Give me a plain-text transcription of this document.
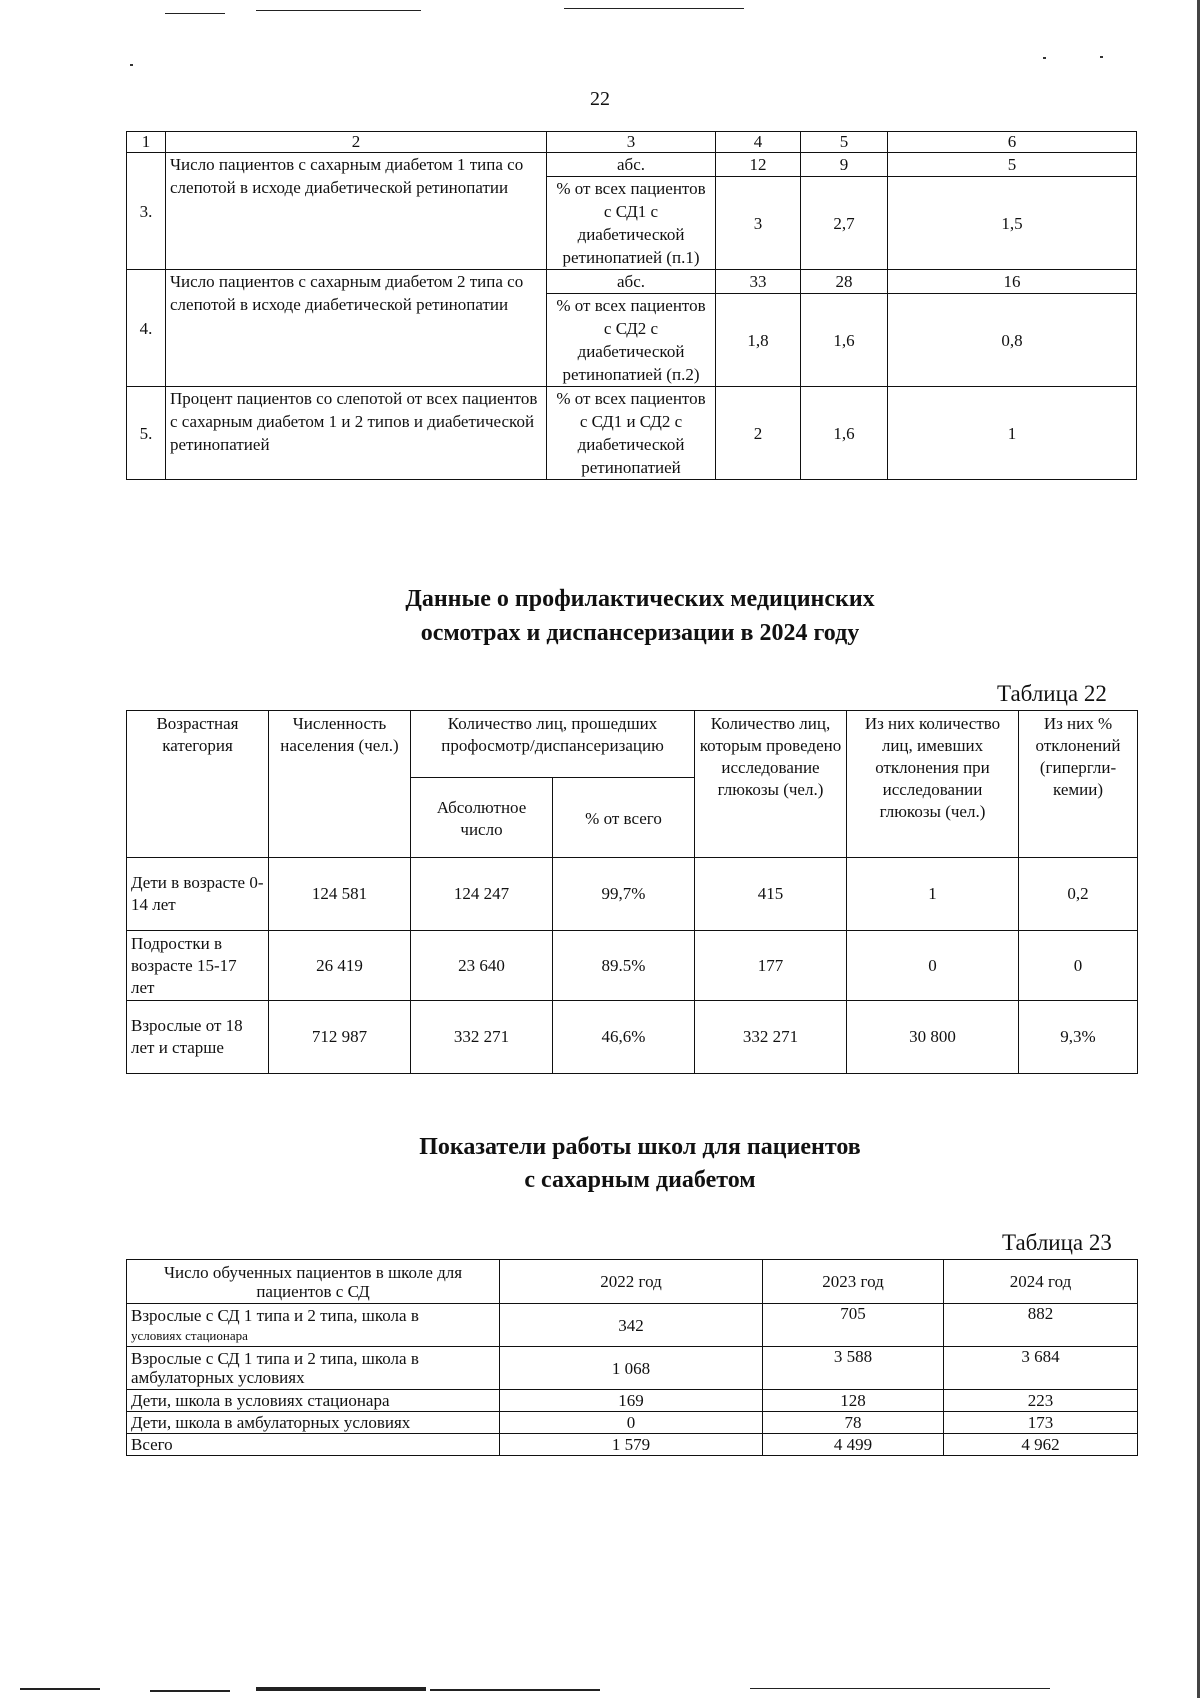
22
1	2	3	4	5	6
3.	Число пациентов с сахарным диабетом 1 типа со слепотой в исходе диабетической ретинопатии	абс.	12	9	5
		% от всех пациентов с СД1 с диабетической ретинопатией (п.1)	3	2,7	1,5
4.	Число пациентов с сахарным диабетом 2 типа со слепотой в исходе диабетической ретинопатии	абс.	33	28	16
		% от всех пациентов с СД2 с диабетической ретинопатией (п.2)	1,8	1,6	0,8
5.	Процент пациентов со слепотой от всех пациентов с сахарным диабетом 1 и 2 типов и диабетической ретинопатией	% от всех пациентов с СД1 и СД2 с диабетической ретинопатией	2	1,6	1
Данные о профилактических медицинских
осмотрах и диспансеризации в 2024 году
Таблица 22
Возрастная категория	Численность населения (чел.)	Количество лиц, прошедших профосмотр/диспансеризацию		Количество лиц, которым проведено исследование глюкозы (чел.)	Из них количество лиц, имевших отклонения при исследовании глюкозы (чел.)	Из них % отклонений (гипергли-кемии)
		Абсолютное число	% от всего			
Дети в возрасте 0-14 лет	124 581	124 247	99,7%	415	1	0,2
Подростки в возрасте 15-17 лет	26 419	23 640	89.5%	177	0	0
Взрослые от 18 лет и старше	712 987	332 271	46,6%	332 271	30 800	9,3%
Показатели работы школ для пациентов
с сахарным диабетом
Таблица 23
Число обученных пациентов в школе для пациентов с СД	2022 год	2023 год	2024 год
Взрослые с СД 1 типа и 2 типа, школа в
условиях стационара	342	705	882
Взрослые с СД 1 типа и 2 типа, школа в
амбулаторных условиях	1 068	3 588	3 684
Дети, школа в условиях стационара	169	128	223
Дети, школа в амбулаторных условиях	0	78	173
Всего	1 579	4 499	4 962
